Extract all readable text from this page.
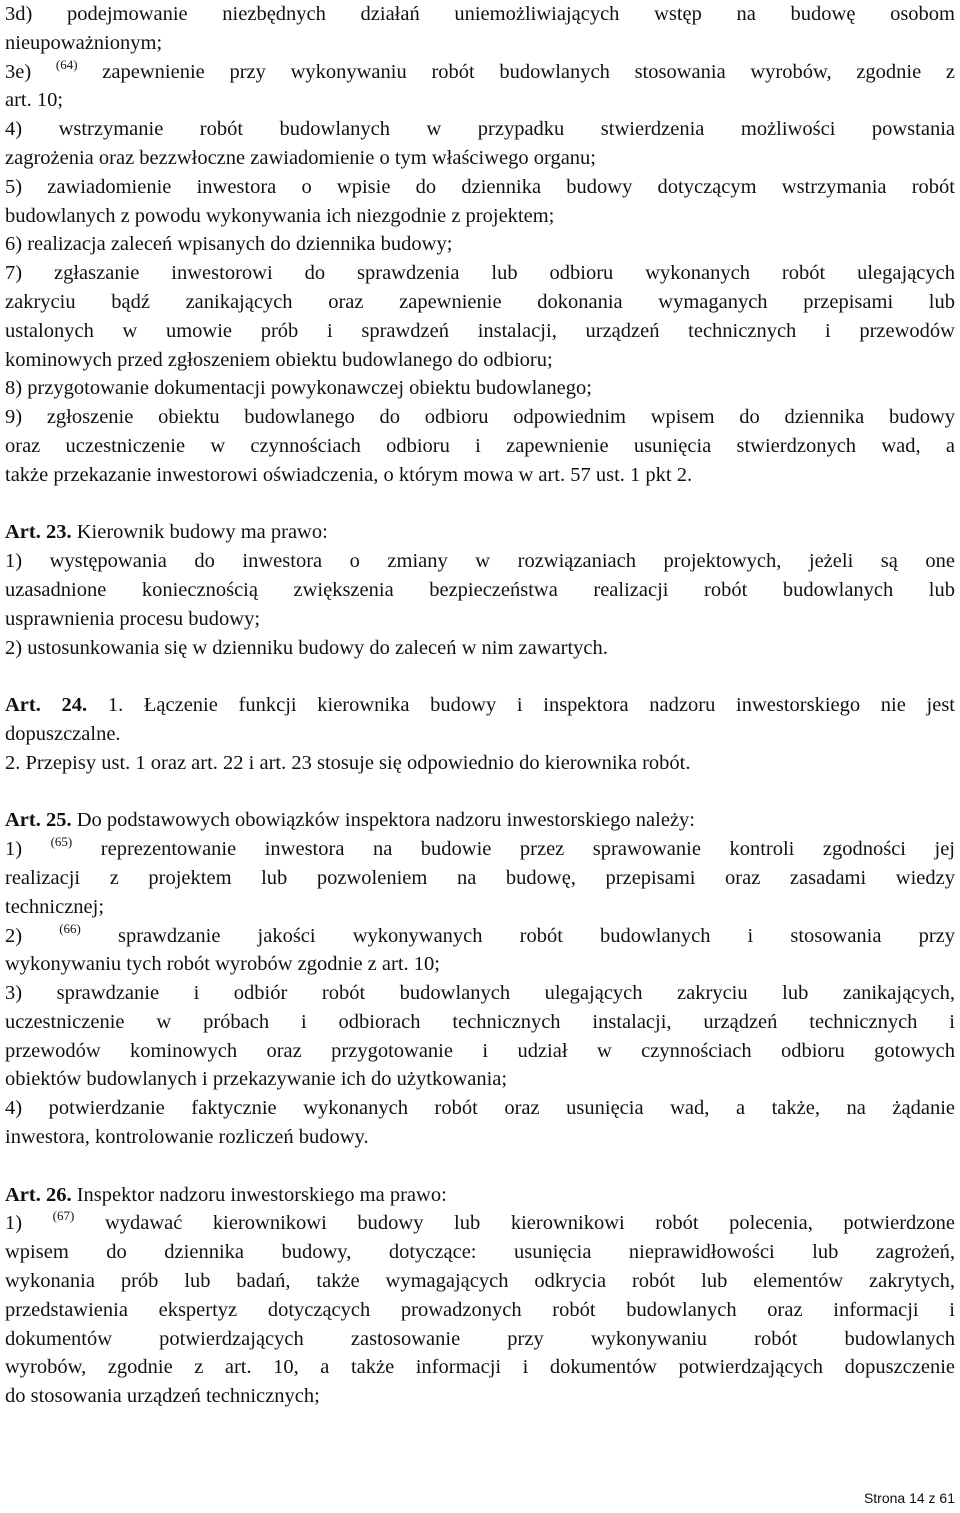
3d) podejmowanie niezbędnych działań uniemożliwiających wstęp na budowę osobom
nieupoważnionym;
3e) $^{(64)}$ zapewnienie przy wykonywaniu robót budowlanych stosowania wyrobów, zgodnie z
art. 10;
4) wstrzymanie robót budowlanych w przypadku stwierdzenia możliwości powstania
zagrożenia oraz bezzwłoczne zawiadomienie o tym właściwego organu;
5) zawiadomienie inwestora o wpisie do dziennika budowy dotyczącym wstrzymania robót
budowlanych z powodu wykonywania ich niezgodnie z projektem;
6) realizacja zaleceń wpisanych do dziennika budowy;
7) zgłaszanie inwestorowi do sprawdzenia lub odbioru wykonanych robót ulegających
zakryciu bądź zanikających oraz zapewnienie dokonania wymaganych przepisami lub
ustalonych w umowie prób i sprawdzeń instalacji, urządzeń technicznych i przewodów
kominowych przed zgłoszeniem obiektu budowlanego do odbioru;
8) przygotowanie dokumentacji powykonawczej obiektu budowlanego;
9) zgłoszenie obiektu budowlanego do odbioru odpowiednim wpisem do dziennika budowy
oraz uczestniczenie w czynnościach odbioru i zapewnienie usunięcia stwierdzonych wad, a
także przekazanie inwestorowi oświadczenia, o którym mowa w art. 57 ust. 1 pkt 2.
Art. 23. Kierownik budowy ma prawo:
1) występowania do inwestora o zmiany w rozwiązaniach projektowych, jeżeli są one
uzasadnione koniecznością zwiększenia bezpieczeństwa realizacji robót budowlanych lub
usprawnienia procesu budowy;
2) ustosunkowania się w dzienniku budowy do zaleceń w nim zawartych.
Art. 24. 1. Łączenie funkcji kierownika budowy i inspektora nadzoru inwestorskiego nie jest
dopuszczalne.
2. Przepisy ust. 1 oraz art. 22 i art. 23 stosuje się odpowiednio do kierownika robót.
Art. 25. Do podstawowych obowiązków inspektora nadzoru inwestorskiego należy:
1) $^{(65)}$ reprezentowanie inwestora na budowie przez sprawowanie kontroli zgodności jej
realizacji z projektem lub pozwoleniem na budowę, przepisami oraz zasadami wiedzy
technicznej;
2)	$^{(66)}$ sprawdzanie jakości wykonywanych robót budowlanych i stosowania przy
wykonywaniu tych robót wyrobów zgodnie z art. 10;
3) sprawdzanie i odbiór robót budowlanych ulegających zakryciu lub zanikających,
uczestniczenie w próbach i odbiorach technicznych instalacji, urządzeń technicznych i
przewodów kominowych oraz przygotowanie i udział w czynnościach odbioru gotowych
obiektów budowlanych i przekazywanie ich do użytkowania;
4) potwierdzanie faktycznie wykonanych robót oraz usunięcia wad, a także, na żądanie
inwestora, kontrolowanie rozliczeń budowy.
Art. 26. Inspektor nadzoru inwestorskiego ma prawo:
1) $^{(67)}$ wydawać kierownikowi budowy lub kierownikowi robót polecenia, potwierdzone
wpisem do dziennika budowy, dotyczące: usunięcia nieprawidłowości lub zagrożeń,
wykonania prób lub badań, także wymagających odkrycia robót lub elementów zakrytych,
przedstawienia ekspertyz dotyczących prowadzonych robót budowlanych oraz informacji i
dokumentów potwierdzających zastosowanie przy wykonywaniu robót budowlanych
wyrobów, zgodnie z art. 10, a także informacji i dokumentów potwierdzających dopuszczenie
do stosowania urządzeń technicznych;
Strona 14 z 61
